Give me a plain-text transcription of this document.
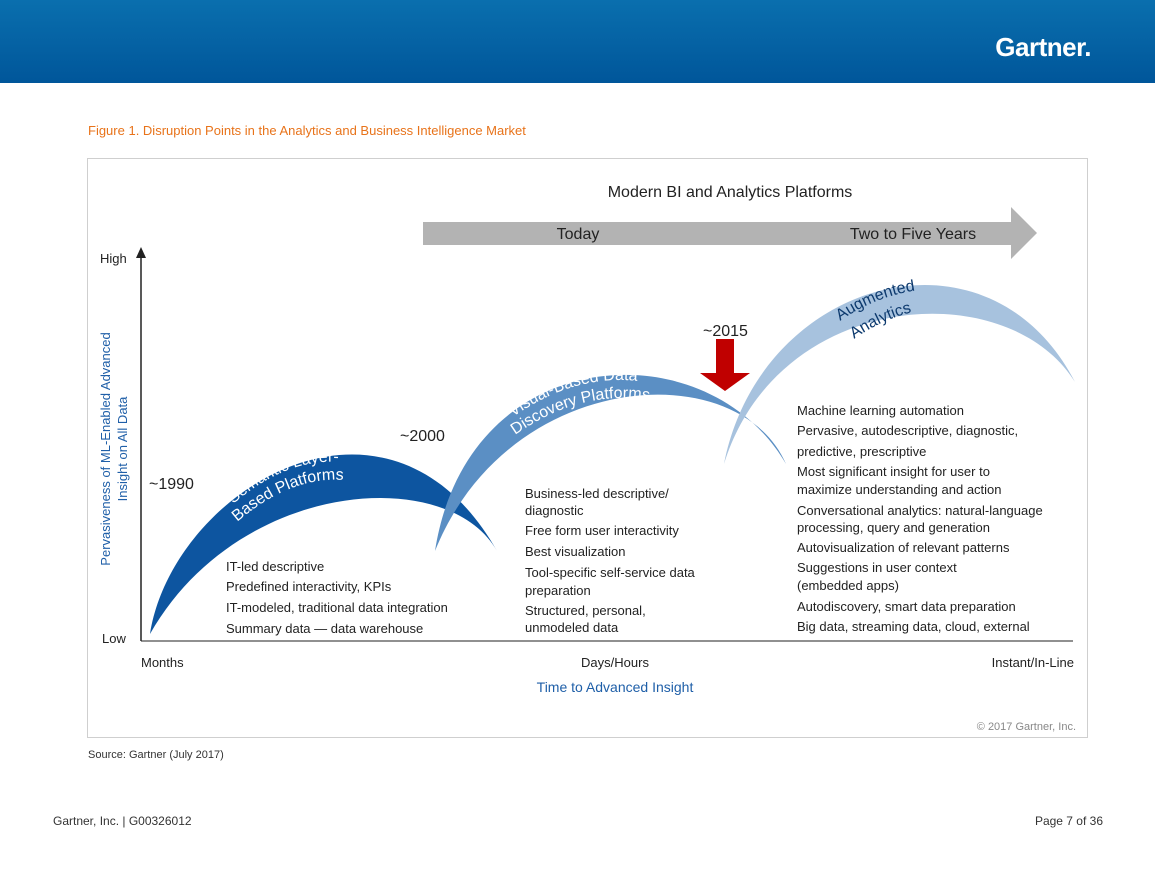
Gartner.
Figure 1. Disruption Points in the Analytics and Business Intelligence Market
Modern BI and Analytics Platforms
Today	Two to Five Years
High
Low
Pervasiveness of ML-Enabled Advanced Insight on All Data
Months	Days/Hours	Instant/In-Line
Time to Advanced Insight
Semantic Layer-
Based Platforms
Visual-Based Data
Discovery Platforms
Augmented
Analytics
~1990
~2000
~2015
IT-led descriptive
Predefined interactivity, KPIs
IT-modeled, traditional data integration
Summary data — data warehouse
Business-led descriptive/
diagnostic
Free form user interactivity
Best visualization
Tool-specific self-service data
preparation
Structured, personal,
unmodeled data
Machine learning automation
Pervasive, autodescriptive, diagnostic,
predictive, prescriptive
Most significant insight for user to
maximize understanding and action
Conversational analytics: natural-language
processing, query and generation
Autovisualization of relevant patterns
Suggestions in user context
(embedded apps)
Autodiscovery, smart data preparation
Big data, streaming data, cloud, external
© 2017 Gartner, Inc.
Source: Gartner (July 2017)
Gartner, Inc. | G00326012	Page 7 of 36
